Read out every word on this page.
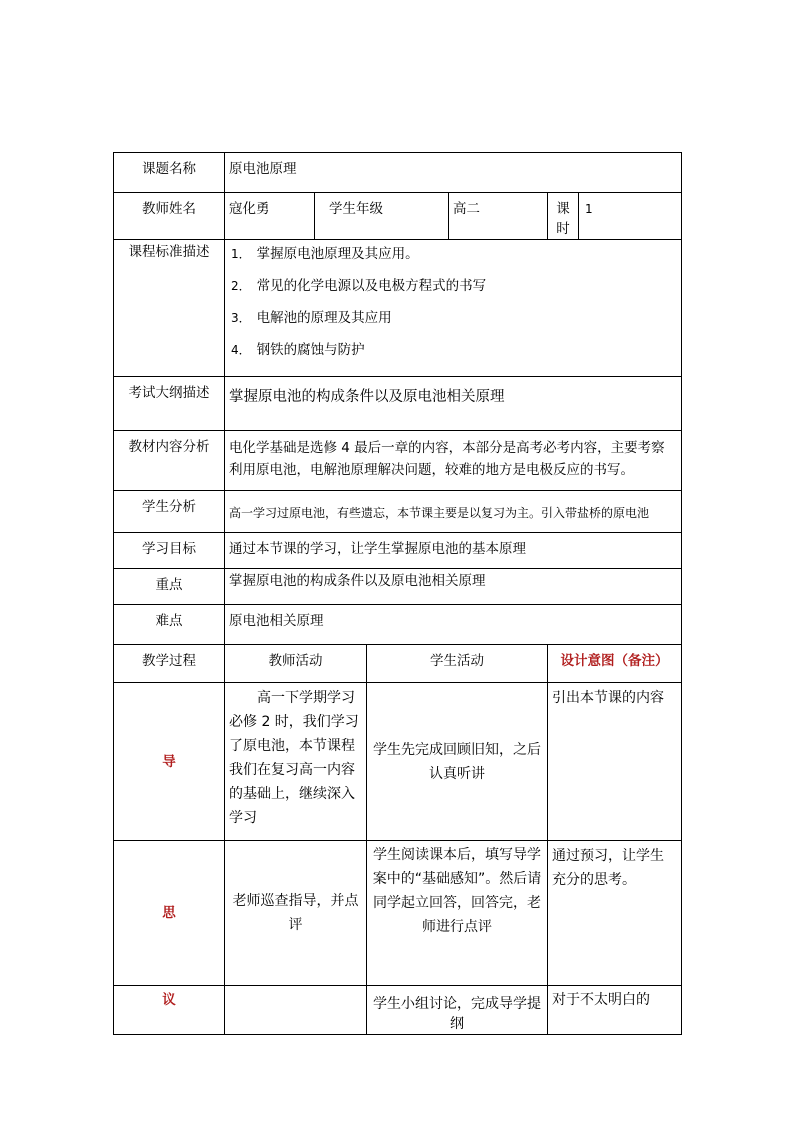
课题名称	原电池原理					
教师姓名	寇化勇	学生年级		高二	课时	1
课程标准描述	1． 掌握原电池原理及其应用。

2． 常见的化学电源以及电极方程式的书写

3． 电解池的原理及其应用

4． 钢铁的腐蚀与防护					

考试大纲描述	掌握原电池的构成条件以及原电池相关原理					
教材内容分析	电化学基础是选修 4 最后一章的内容，本部分是高考必考内容，主要考察利用原电池，电解池原理解决问题，较难的地方是电极反应的书写。					
学生分析	高一学习过原电池，有些遗忘，本节课主要是以复习为主。引入带盐桥的原电池					
学习目标	通过本节课的学习，让学生掌握原电池的基本原理					
重点	掌握原电池的构成条件以及原电池相关原理					
难点	原电池相关原理					
教学过程	教师活动		学生活动		设计意图（备注）	
导	高一下学期学习必修 2 时，我们学习了原电池，本节课程我们在复习高一内容的基础上，继续深入学习		学生先完成回顾旧知，之后认真听讲		引出本节课的内容	
思	老师巡查指导，并点评		学生阅读课本后，填写导学案中的“基础感知”。然后请同学起立回答，回答完，老师进行点评		通过预习，让学生充分的思考。	
议			学生小组讨论，完成导学提纲		对于不太明白的	
